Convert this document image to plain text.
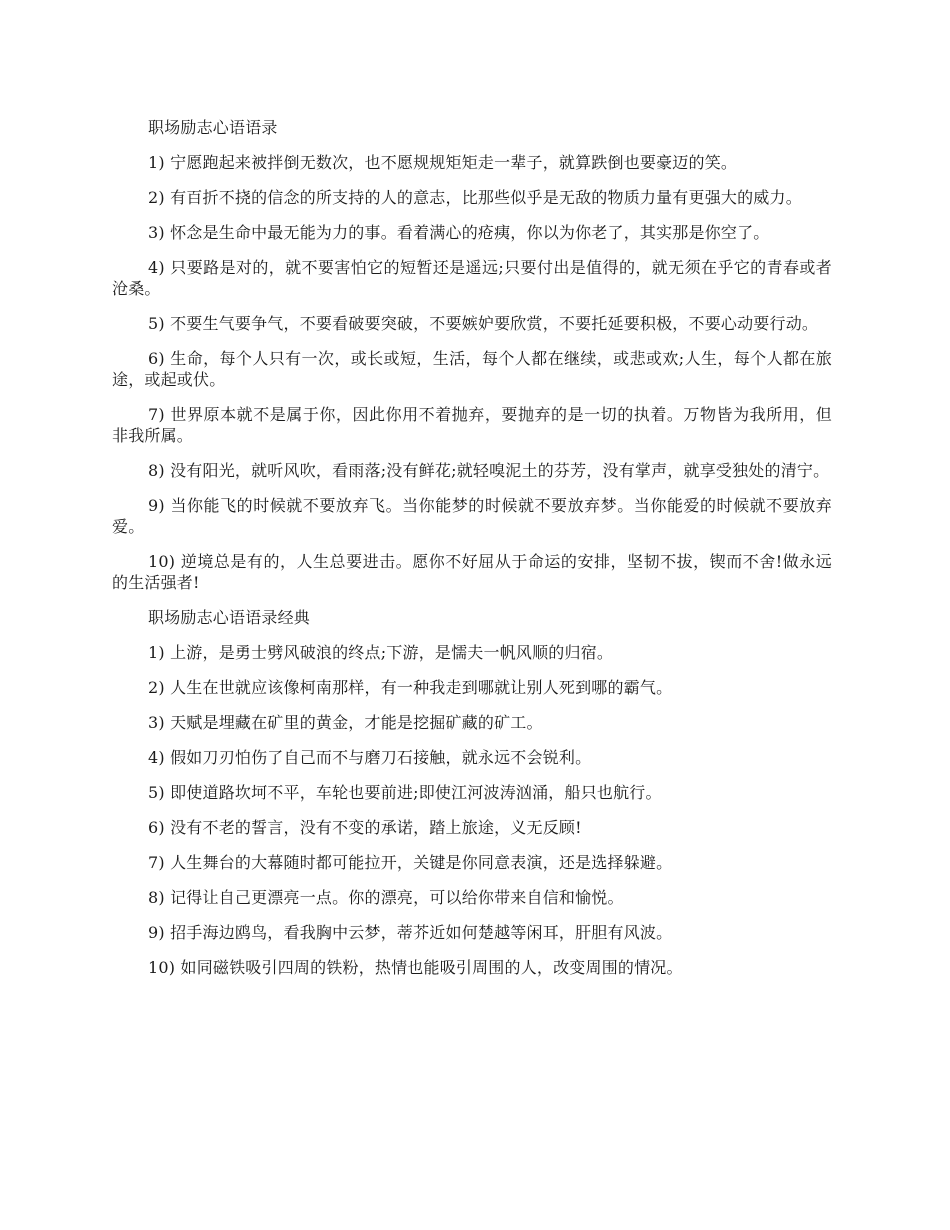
职场励志心语语录

1) 宁愿跑起来被拌倒无数次，也不愿规规矩矩走一辈子，就算跌倒也要豪迈的笑。

2) 有百折不挠的信念的所支持的人的意志，比那些似乎是无敌的物质力量有更强大的威力。

3) 怀念是生命中最无能为力的事。看着满心的疮痍，你以为你老了，其实那是你空了。

4) 只要路是对的，就不要害怕它的短暂还是遥远;只要付出是值得的，就无须在乎它的青春或者沧桑。

5) 不要生气要争气，不要看破要突破，不要嫉妒要欣赏，不要托延要积极，不要心动要行动。

6) 生命，每个人只有一次，或长或短，生活，每个人都在继续，或悲或欢;人生，每个人都在旅途，或起或伏。

7) 世界原本就不是属于你，因此你用不着抛弃，要抛弃的是一切的执着。万物皆为我所用，但非我所属。

8) 没有阳光，就听风吹，看雨落;没有鲜花;就轻嗅泥土的芬芳，没有掌声，就享受独处的清宁。

9) 当你能飞的时候就不要放弃飞。当你能梦的时候就不要放弃梦。当你能爱的时候就不要放弃爱。

10) 逆境总是有的，人生总要进击。愿你不好屈从于命运的安排，坚韧不拔，锲而不舍!做永远的生活强者!

职场励志心语语录经典

1) 上游，是勇士劈风破浪的终点;下游，是懦夫一帆风顺的归宿。

2) 人生在世就应该像柯南那样，有一种我走到哪就让别人死到哪的霸气。

3) 天赋是埋藏在矿里的黄金，才能是挖掘矿藏的矿工。

4) 假如刀刃怕伤了自己而不与磨刀石接触，就永远不会锐利。

5) 即使道路坎坷不平，车轮也要前进;即使江河波涛汹涌，船只也航行。

6) 没有不老的誓言，没有不变的承诺，踏上旅途，义无反顾!

7) 人生舞台的大幕随时都可能拉开，关键是你同意表演，还是选择躲避。

8) 记得让自己更漂亮一点。你的漂亮，可以给你带来自信和愉悦。

9) 招手海边鸥鸟，看我胸中云梦，蒂芥近如何楚越等闲耳，肝胆有风波。

10) 如同磁铁吸引四周的铁粉，热情也能吸引周围的人，改变周围的情况。
